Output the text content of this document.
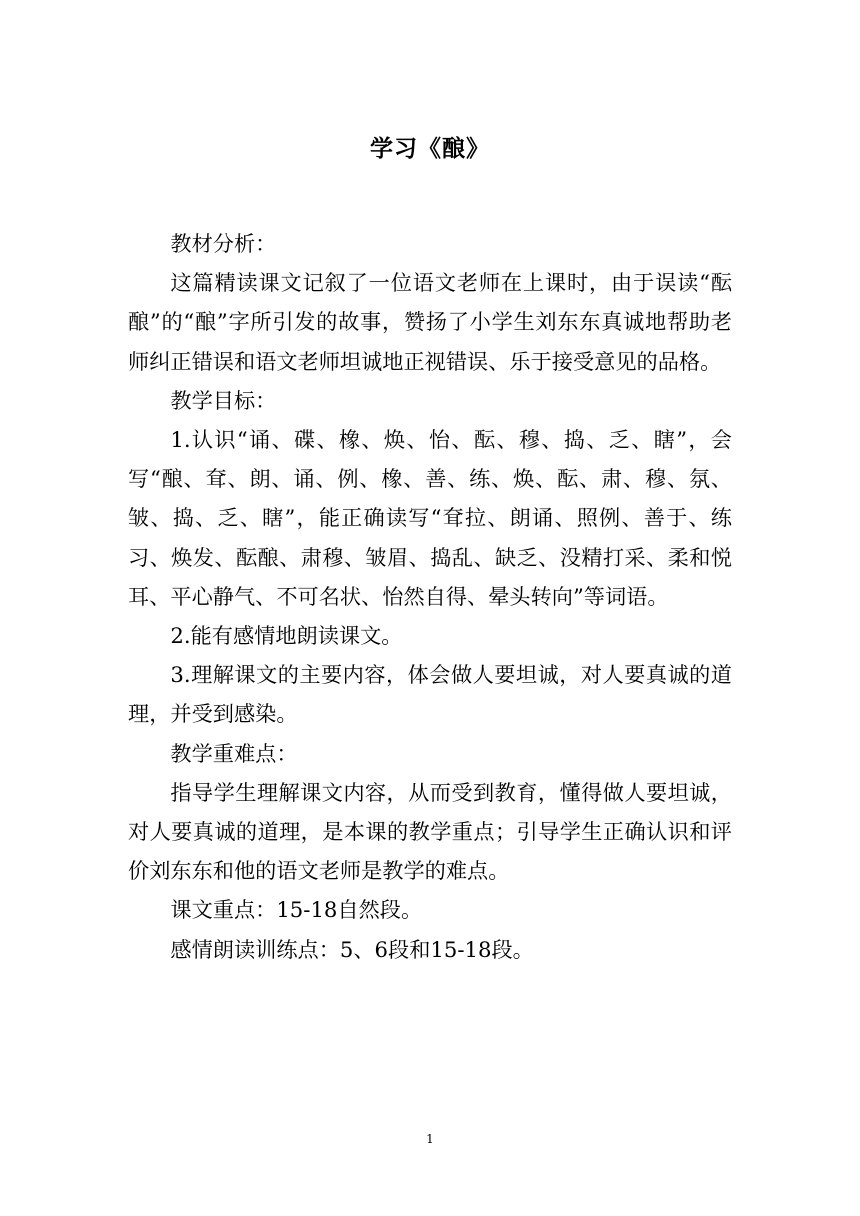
学习《酿》

教材分析：

这篇精读课文记叙了一位语文老师在上课时，由于误读“酝酿”的“酿”字所引发的故事，赞扬了小学生刘东东真诚地帮助老师纠正错误和语文老师坦诚地正视错误、乐于接受意见的品格。

教学目标：

1.认识“诵、碟、橡、焕、怡、酝、穆、捣、乏、瞎”，会写“酿、耷、朗、诵、例、橡、善、练、焕、酝、肃、穆、氛、皱、捣、乏、瞎”，能正确读写“耷拉、朗诵、照例、善于、练习、焕发、酝酿、肃穆、皱眉、捣乱、缺乏、没精打采、柔和悦耳、平心静气、不可名状、怡然自得、晕头转向”等词语。

2.能有感情地朗读课文。

3.理解课文的主要内容，体会做人要坦诚，对人要真诚的道理，并受到感染。

教学重难点：

指导学生理解课文内容，从而受到教育，懂得做人要坦诚，对人要真诚的道理，是本课的教学重点；引导学生正确认识和评价刘东东和他的语文老师是教学的难点。

课文重点：15-18自然段。

感情朗读训练点：5、6段和15-18段。

1
